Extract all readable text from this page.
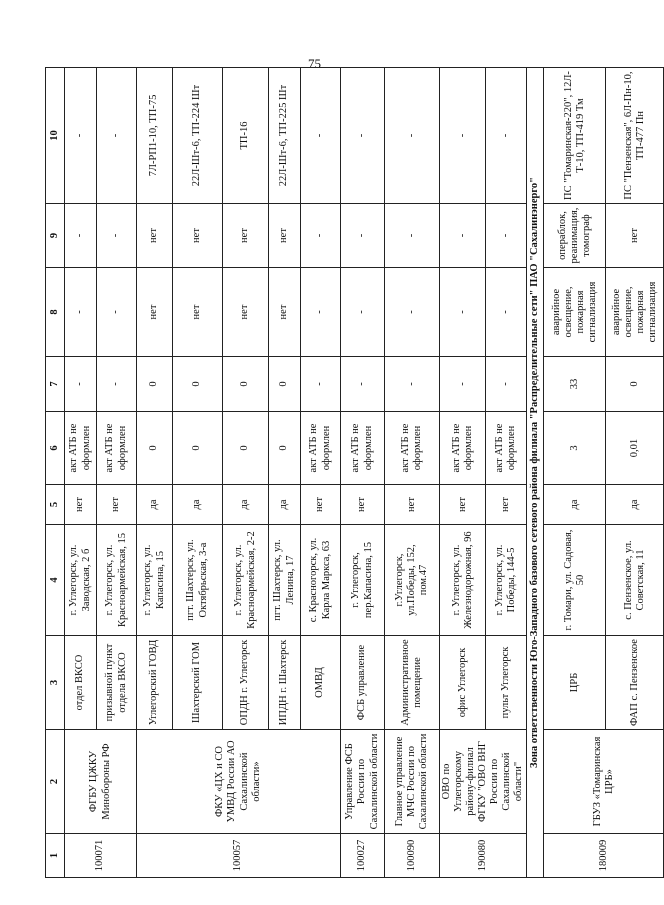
75
1	2	3	4	5	6	7	8	9	10
100071	ФГБУ ЦЖКУ Минобороны РФ	отдел ВКСО	г. Углегорск, ул. Заводская, 2 б	нет	акт АТБ не оформлен	-	-	-	-
		призывной пункт отдела ВКСО	г. Углегорск, ул. Красноармейская, 15	нет	акт АТБ не оформлен	-	-	-	-
100057	ФКУ «ЦХ и СО УМВД России АО Сахалинской области»	Углегорский ГОВД	г. Углегорск, ул. Капасина, 15	да	0	0	нет	нет	7Л-РП1-10, ТП-75
		Шахтерский ГОМ	пгт. Шахтерск, ул. Октябрьская, 3-а	да	0	0	нет	нет	22Л-Шт-6, ТП-224 Шт
		ОПДН г. Углегорск	г. Углегорск, ул. Красноармейская, 2-2	да	0	0	нет	нет	ТП-16
		ИПДН г. Шахтерск	пгт. Шахтерск, ул. Ленина, 17	да	0	0	нет	нет	22Л-Шт-6, ТП-225 Шт
		ОМВД	с. Красногорск, ул. Карла Маркса, 63	нет	акт АТБ не оформлен	-	-	-	-
100027	Управление ФСБ России по Сахалинской области	ФСБ управление	г. Углегорск, пер.Капасина, 15	нет	акт АТБ не оформлен	-	-	-	-
100090	Главное управление МЧС России по Сахалинской области	Административное помещение	г.Углегорск, ул.Победы, 152, пом.47	нет	акт АТБ не оформлен	-	-	-	-
190080	ОВО по Углегорскому району-филиал ФГКУ "ОВО ВНГ России по Сахалинской области"	офис Углегорск	г. Углегорск, ул. Железнодорожная, 96	нет	акт АТБ не оформлен	-	-	-	-
		пульт Углегорск	г. Углегорск, ул. Победы, 144-5	нет	акт АТБ не оформлен	-	-	-	-
Зона ответственности Юго-Западного базового сетевого района филиала "Распределительные сети" ПАО "Сахалинэнерго"									
180009	ГБУЗ «Томаринская ЦРБ»	ЦРБ	г. Томари, ул. Садовая, 50	да	3	33	аварийное освещение, пожарная сигнализация	операблок, реанимация, томограф	ПС "Томаринская-220", 12Л-Т-10, ТП-419 Тм
		ФАП с. Пензенское	с. Пензенское, ул. Советская, 11	да	0,01	0	аварийное освещение, пожарная сигнализация	нет	ПС "Пензенская", 6Л-Пн-10, ТП-477 Пн
